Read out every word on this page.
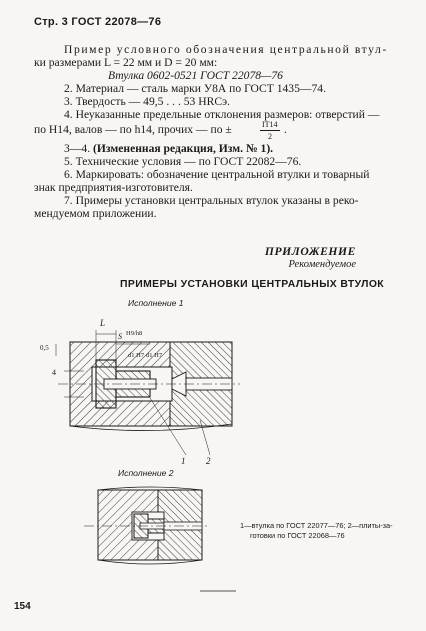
Стр. 3 ГОСТ 22078—76
Пример условного обозначения центральной втул-
ки размерами L = 22 мм и D = 20 мм:
Втулка 0602-0521 ГОСТ 22078—76
2. Материал — сталь марки У8А по ГОСТ 1435—74.
3. Твердость — 49,5 . . . 53 HRCэ.
4. Неуказанные предельные отклонения размеров: отверстий —
по H14, валов — по h14, прочих — по ±	IT14
2
.
3—4. (Измененная редакция, Изм. № 1).
5. Технические условия — по ГОСТ 22082—76.
6. Маркировать: обозначение центральной втулки и товарный
знак предприятия-изготовителя.
7. Примеры установки центральных втулок указаны в реко-
мендуемом приложении.
ПРИЛОЖЕНИЕ
Рекомендуемое
ПРИМЕРЫ УСТАНОВКИ ЦЕНТРАЛЬНЫХ ВТУЛОК
Исполнение 1
L
S H9/h8
0,5
d1 H7 d1 H7
4
1 2
Исполнение 2
1—втулка по ГОСТ 22077—76; 2—плиты-за-
готовки по ГОСТ 22068—76
154
